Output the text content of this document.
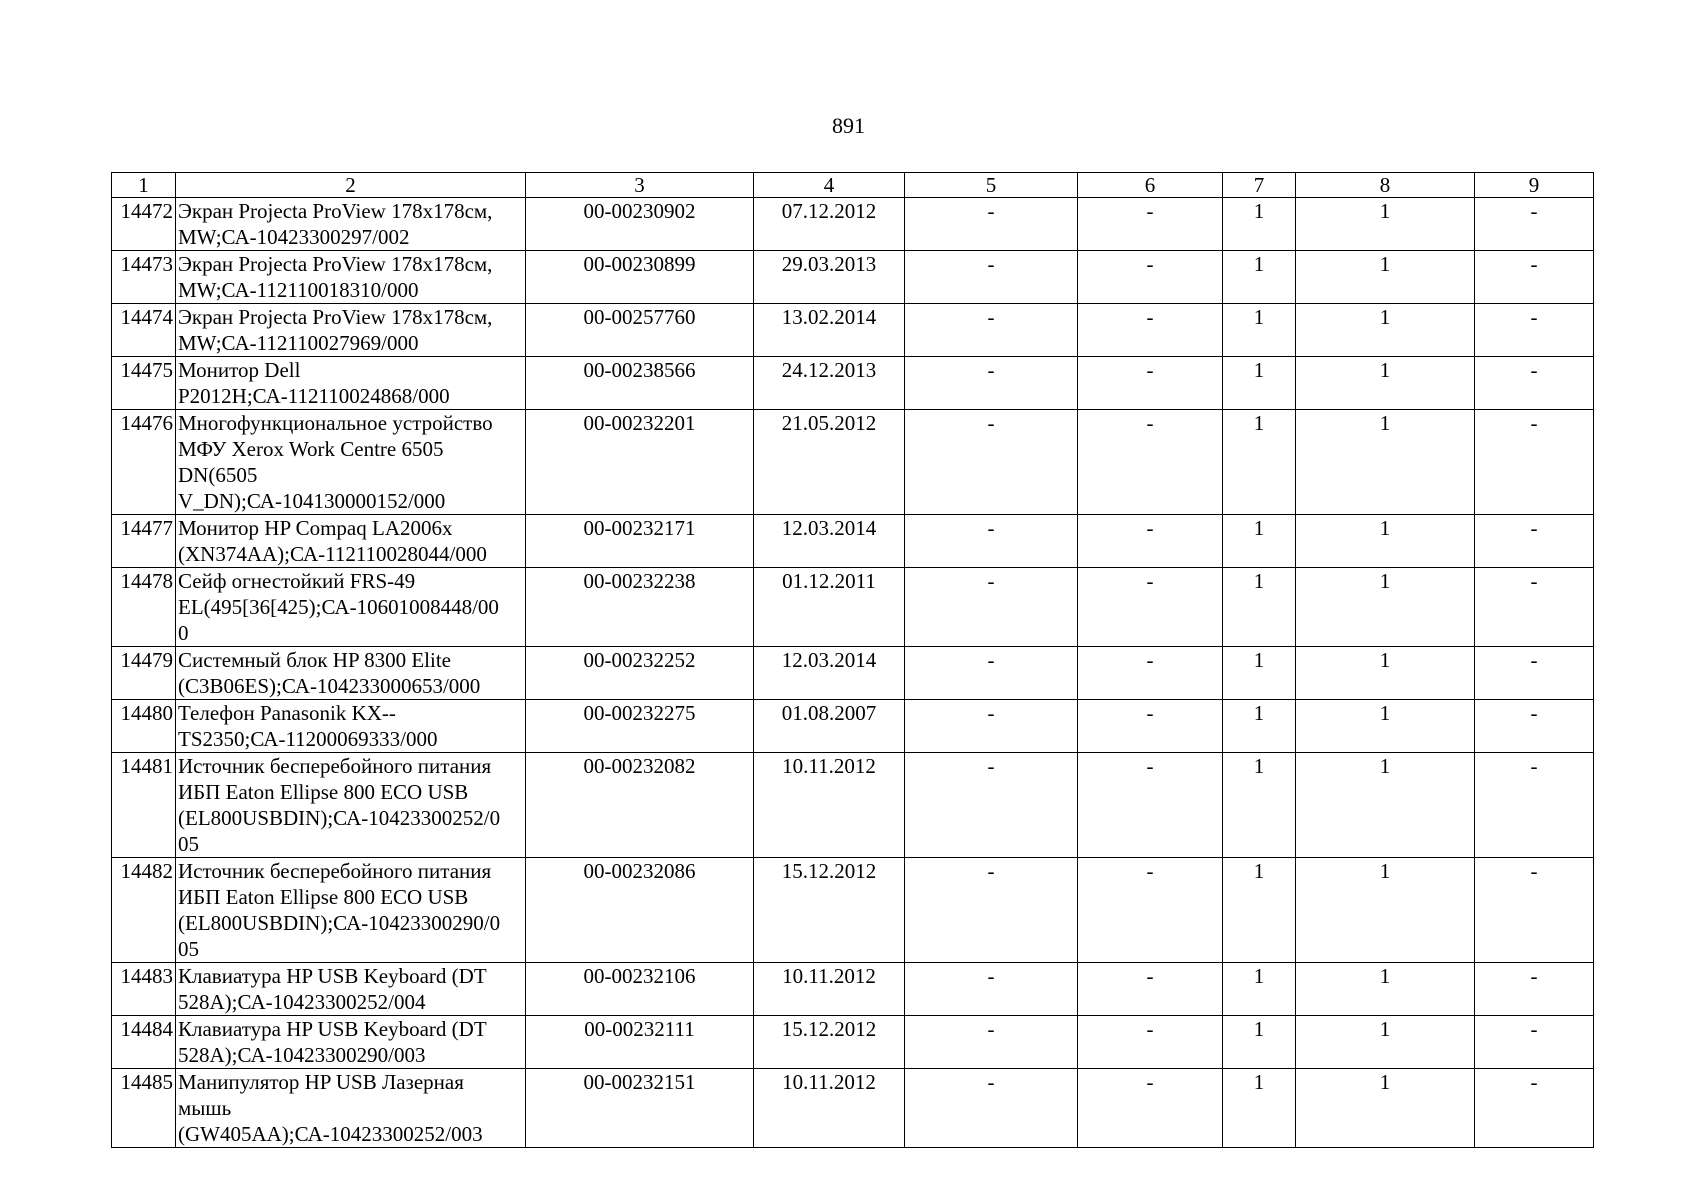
891
1	2	3	4	5	6	7	8	9
14472	Экран Projecta ProView 178x178см,
MW;СА-10423300297/002	00-00230902	07.12.2012	-	-	1	1	-
14473	Экран Projecta ProView 178x178см,
MW;СА-112110018310/000	00-00230899	29.03.2013	-	-	1	1	-
14474	Экран Projecta ProView 178x178см,
MW;СА-112110027969/000	00-00257760	13.02.2014	-	-	1	1	-
14475	Монитор Dell
P2012H;СА-112110024868/000	00-00238566	24.12.2013	-	-	1	1	-
14476	Многофункциональное устройство
МФУ Xerox Work Centre 6505
DN(6505
V_DN);СА-104130000152/000	00-00232201	21.05.2012	-	-	1	1	-
14477	Монитор HP Compaq LA2006x
(XN374AA);СА-112110028044/000	00-00232171	12.03.2014	-	-	1	1	-
14478	Сейф огнестойкий FRS-49
EL(495[36[425);СА-10601008448/00
0	00-00232238	01.12.2011	-	-	1	1	-
14479	Системный блок HP 8300 Elite
(C3B06ES);СА-104233000653/000	00-00232252	12.03.2014	-	-	1	1	-
14480	Телефон Panasonik KX--
TS2350;СА-11200069333/000	00-00232275	01.08.2007	-	-	1	1	-
14481	Источник бесперебойного питания
ИБП Eaton Ellipse 800 ECO USB
(EL800USBDIN);СА-10423300252/0
05	00-00232082	10.11.2012	-	-	1	1	-
14482	Источник бесперебойного питания
ИБП Eaton Ellipse 800 ECO USB
(EL800USBDIN);СА-10423300290/0
05	00-00232086	15.12.2012	-	-	1	1	-
14483	Клавиатура HP USB Keyboard (DT
528A);СА-10423300252/004	00-00232106	10.11.2012	-	-	1	1	-
14484	Клавиатура HP USB Keyboard (DT
528A);СА-10423300290/003	00-00232111	15.12.2012	-	-	1	1	-
14485	Манипулятор HP USB Лазерная
мышь
(GW405AA);СА-10423300252/003	00-00232151	10.11.2012	-	-	1	1	-
